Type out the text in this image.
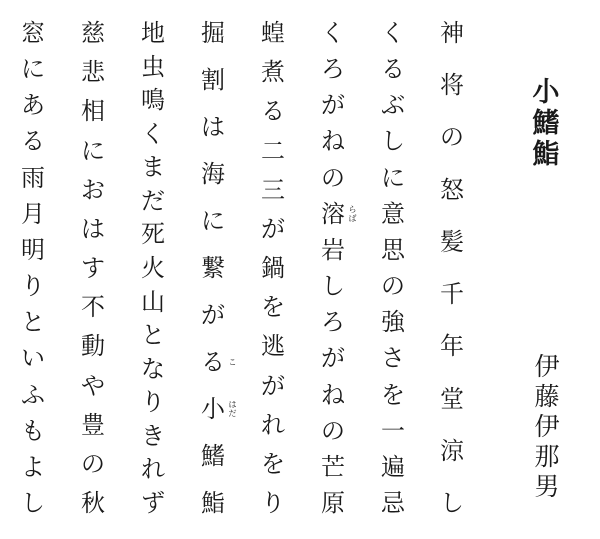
小
鰭
鮨
伊
藤
伊
那
男
神
将
の
怒
髪
千
年
堂
涼
し
く
る
ぶ
し
に
意
思
の
強
さ
を
一
遍
忌
く
ろ
が
ね
の
溶
岩
し
ろ
が
ね
の
芒
原
ら
ば
蝗
煮
る
二
三
が
鍋
を
逃
が
れ
を
り
掘
割
は
海
に
繋
が
る
小
鰭
鮨
こ
は
だ
地
虫
鳴
く
ま
だ
死
火
山
と
な
り
き
れ
ず
慈
悲
相
に
お
は
す
不
動
や
豊
の
秋
窓
に
あ
る
雨
月
明
り
と
い
ふ
も
よ
し
